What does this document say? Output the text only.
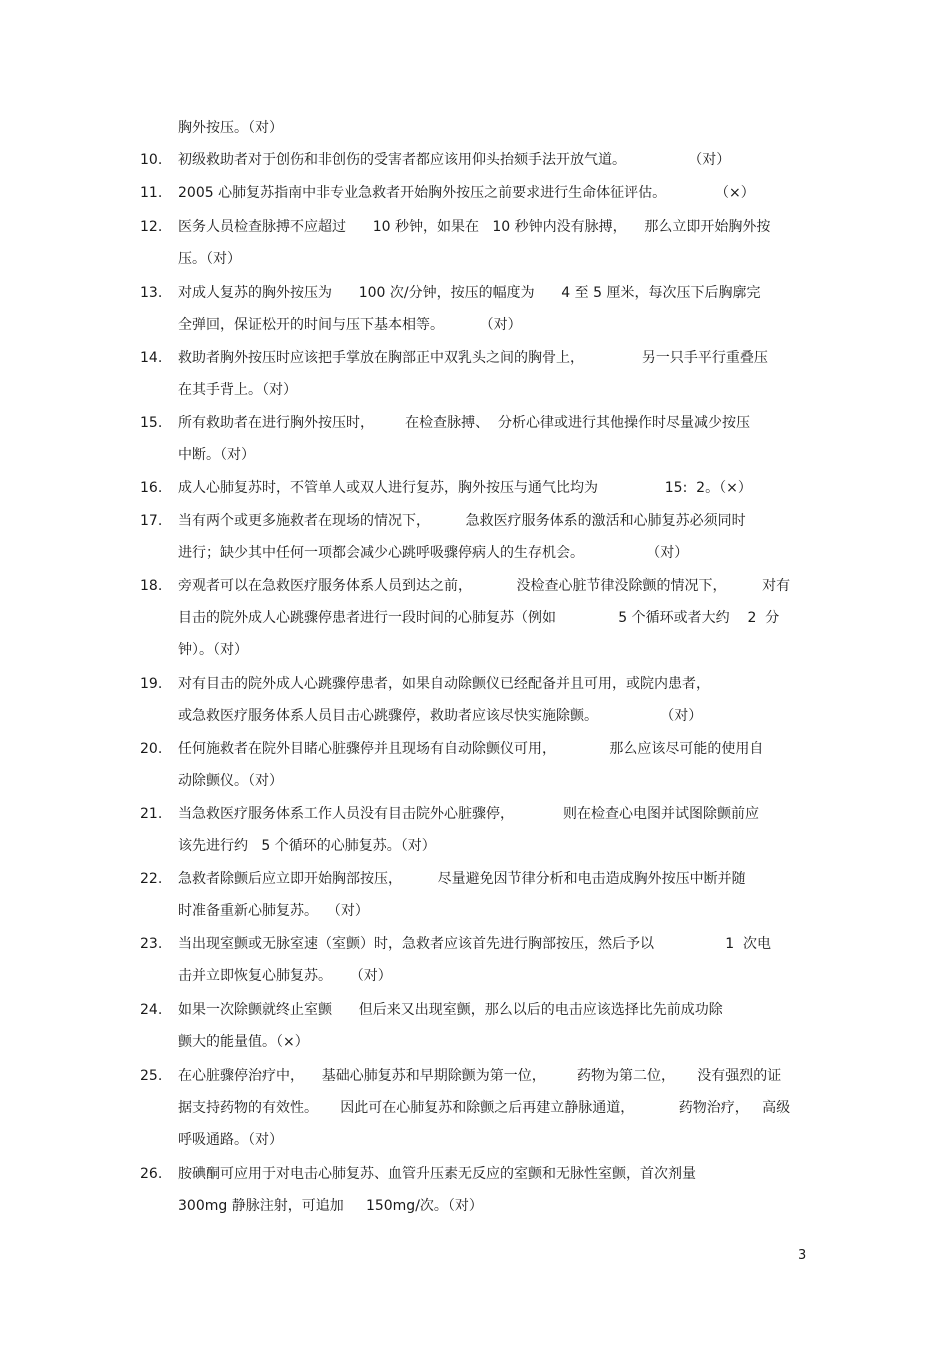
胸外按压。（对）
10.	初级救助者对于创伤和非创伤的受害者都应该用仰头抬颏手法开放气道。              （对）
11.	2005 心肺复苏指南中非专业急救者开始胸外按压之前要求进行生命体征评估。           （×）
12.	医务人员检查脉搏不应超过      10 秒钟，如果在   10 秒钟内没有脉搏，    那么立即开始胸外按
压。（对）
13.	对成人复苏的胸外按压为      100 次/分钟，按压的幅度为      4 至 5 厘米，每次压下后胸廓完
全弹回，保证松开的时间与压下基本相等。        （对）
14.	救助者胸外按压时应该把手掌放在胸部正中双乳头之间的胸骨上，             另一只手平行重叠压
在其手背上。（对）
15.	所有救助者在进行胸外按压时，       在检查脉搏、  分析心律或进行其他操作时尽量减少按压
中断。（对）
16.	成人心肺复苏时，不管单人或双人进行复苏，胸外按压与通气比均为               15:  2。（×）
17.	当有两个或更多施救者在现场的情况下，        急救医疗服务体系的激活和心肺复苏必须同时
进行；缺少其中任何一项都会减少心跳呼吸骤停病人的生存机会。              （对）
18.	旁观者可以在急救医疗服务体系人员到达之前，          没检查心脏节律没除颤的情况下，        对有
目击的院外成人心跳骤停患者进行一段时间的心肺复苏（例如              5 个循环或者大约    2  分
钟）。（对）
19.	对有目击的院外成人心跳骤停患者，如果自动除颤仪已经配备并且可用，或院内患者，
或急救医疗服务体系人员目击心跳骤停，救助者应该尽快实施除颤。              （对）
20.	任何施救者在院外目睹心脏骤停并且现场有自动除颤仪可用，            那么应该尽可能的使用自
动除颤仪。（对）
21.	当急救医疗服务体系工作人员没有目击院外心脏骤停，           则在检查心电图并试图除颤前应
该先进行约   5 个循环的心肺复苏。（对）
22.	急救者除颤后应立即开始胸部按压，        尽量避免因节律分析和电击造成胸外按压中断并随
时准备重新心肺复苏。  （对）
23.	当出现室颤或无脉室速（室颤）时，急救者应该首先进行胸部按压，然后予以                1  次电
击并立即恢复心肺复苏。    （对）
24.	如果一次除颤就终止室颤      但后来又出现室颤，那么以后的电击应该选择比先前成功除
颤大的能量值。（×）
25.	在心脏骤停治疗中，    基础心肺复苏和早期除颤为第一位，       药物为第二位，     没有强烈的证
据支持药物的有效性。     因此可在心肺复苏和除颤之后再建立静脉通道，          药物治疗，   高级
呼吸通路。（对）
26.	胺碘酮可应用于对电击心肺复苏、血管升压素无反应的室颤和无脉性室颤，首次剂量
300mg 静脉注射，可追加     150mg/次。（对）
3
